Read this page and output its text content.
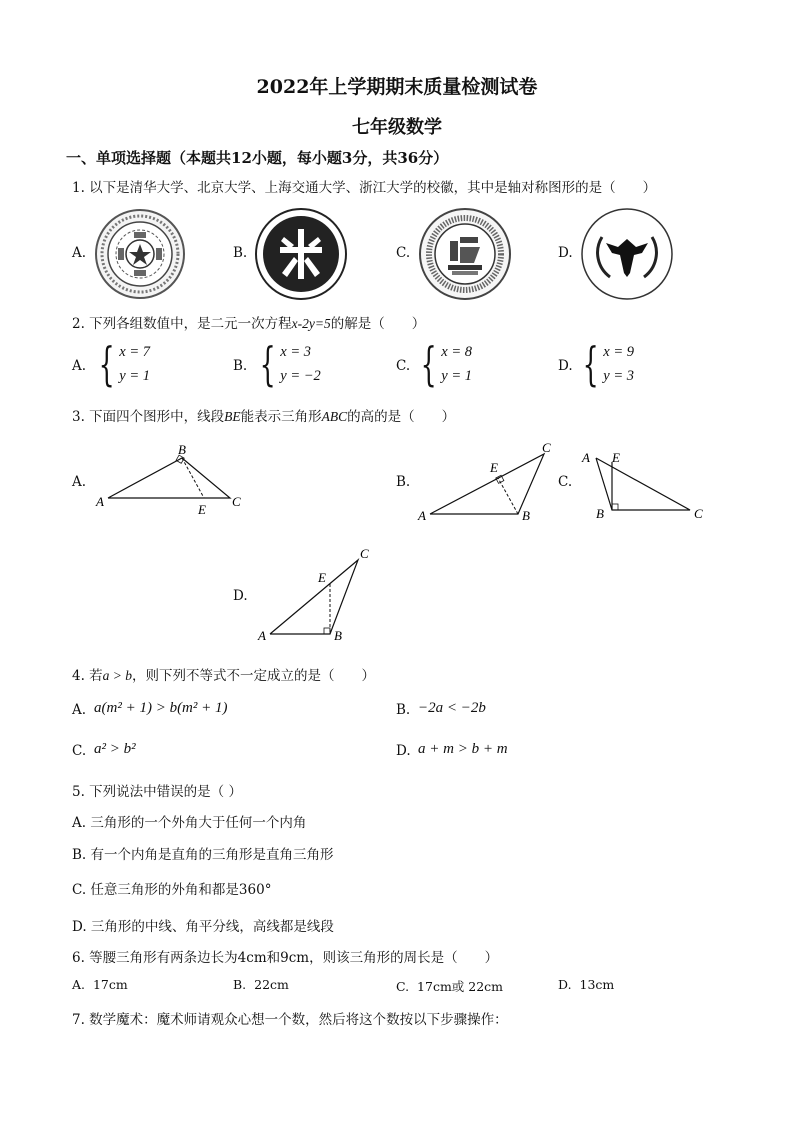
2022年上学期期末质量检测试卷
七年级数学
一、单项选择题（本题共12小题，每小题3分，共36分）
1. 以下是清华大学、北京大学、上海交通大学、浙江大学的校徽，其中是轴对称图形的是（　　）
A.	B.	C.	D.
2. 下列各组数值中，是二元一次方程x-2y=5的解是（　　）
A. { x = 7
y = 1
B. { x = 3
y = −2
C. { x = 8
y = 1
D. { x = 9
y = 3
3. 下面四个图形中，线段BE能表示三角形ABC的高的是（　　）
A.
B
A
E
C
B.
C
E
A	B
C.
A E
B	C
D.
C
E
A	B
4. 若a > b，则下列不等式不一定成立的是（　　）
A. a(m² + 1) > b(m² + 1)	B. −2a < −2b
C. a² > b²	D. a + m > b + m
5. 下列说法中错误的是（ ）
A. 三角形的一个外角大于任何一个内角
B. 有一个内角是直角的三角形是直角三角形
C. 任意三角形的外角和都是360°
D. 三角形的中线、角平分线，高线都是线段
6. 等腰三角形有两条边长为4cm和9cm，则该三角形的周长是（　　）
A. 17cm	B. 22cm	C. 17cm或 22cm	D. 13cm
7. 数学魔术：魔术师请观众心想一个数，然后将这个数按以下步骤操作：
